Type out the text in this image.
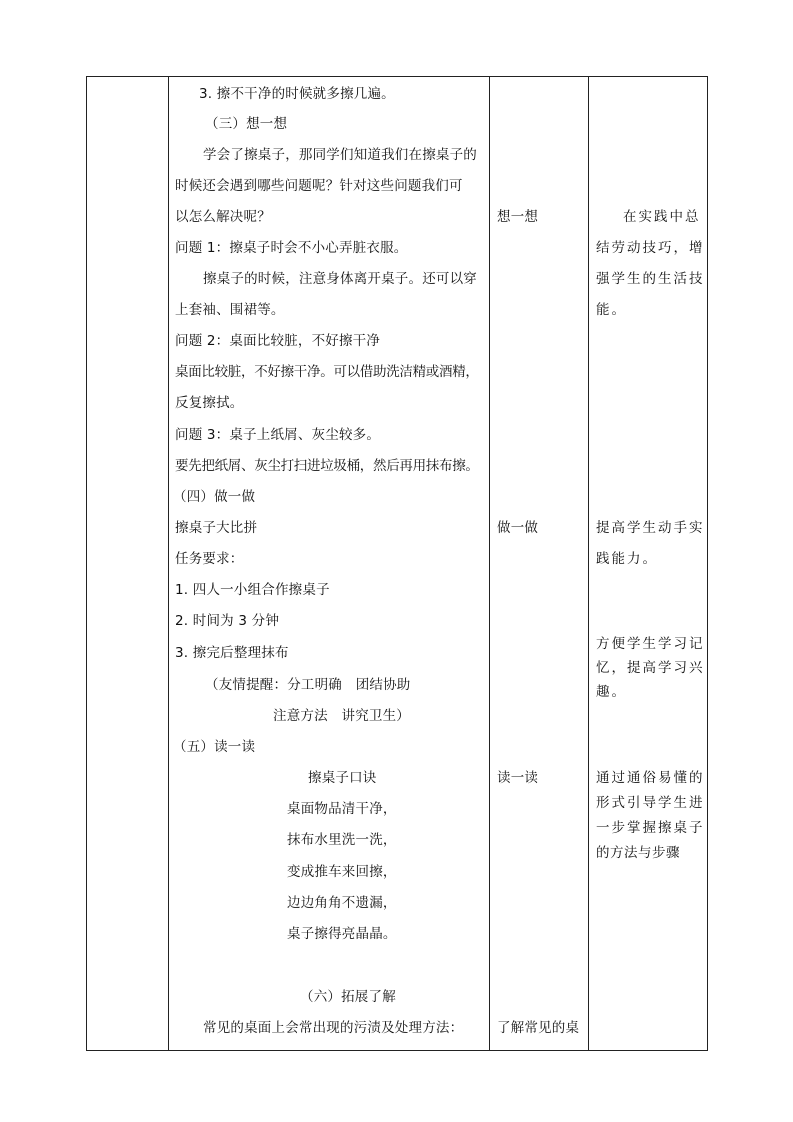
3. 擦不干净的时候就多擦几遍。
（三）想一想
学会了擦桌子，那同学们知道我们在擦桌子的
时候还会遇到哪些问题呢？针对这些问题我们可
以怎么解决呢？
问题 1：擦桌子时会不小心弄脏衣服。
擦桌子的时候，注意身体离开桌子。还可以穿
上套袖、围裙等。
问题 2：桌面比较脏，不好擦干净
桌面比较脏，不好擦干净。可以借助洗洁精或酒精，
反复擦拭。
问题 3：桌子上纸屑、灰尘较多。
要先把纸屑、灰尘打扫进垃圾桶，然后再用抹布擦。
（四）做一做
擦桌子大比拼
任务要求：
1. 四人一小组合作擦桌子
2. 时间为 3 分钟
3. 擦完后整理抹布
（友情提醒：分工明确　团结协助
注意方法　讲究卫生）
（五）读一读
擦桌子口诀
桌面物品清干净，
抹布水里洗一洗，
变成推车来回擦，
边边角角不遗漏，
桌子擦得亮晶晶。
（六）拓展了解
常见的桌面上会常出现的污渍及处理方法：
想一想
做一做
读一读
了解常见的桌
在实践中总
结劳动技巧，增
强学生的生活技
能。
提高学生动手实
践能力。
方便学生学习记
忆，提高学习兴
趣。
通过通俗易懂的
形式引导学生进
一步掌握擦桌子
的方法与步骤
